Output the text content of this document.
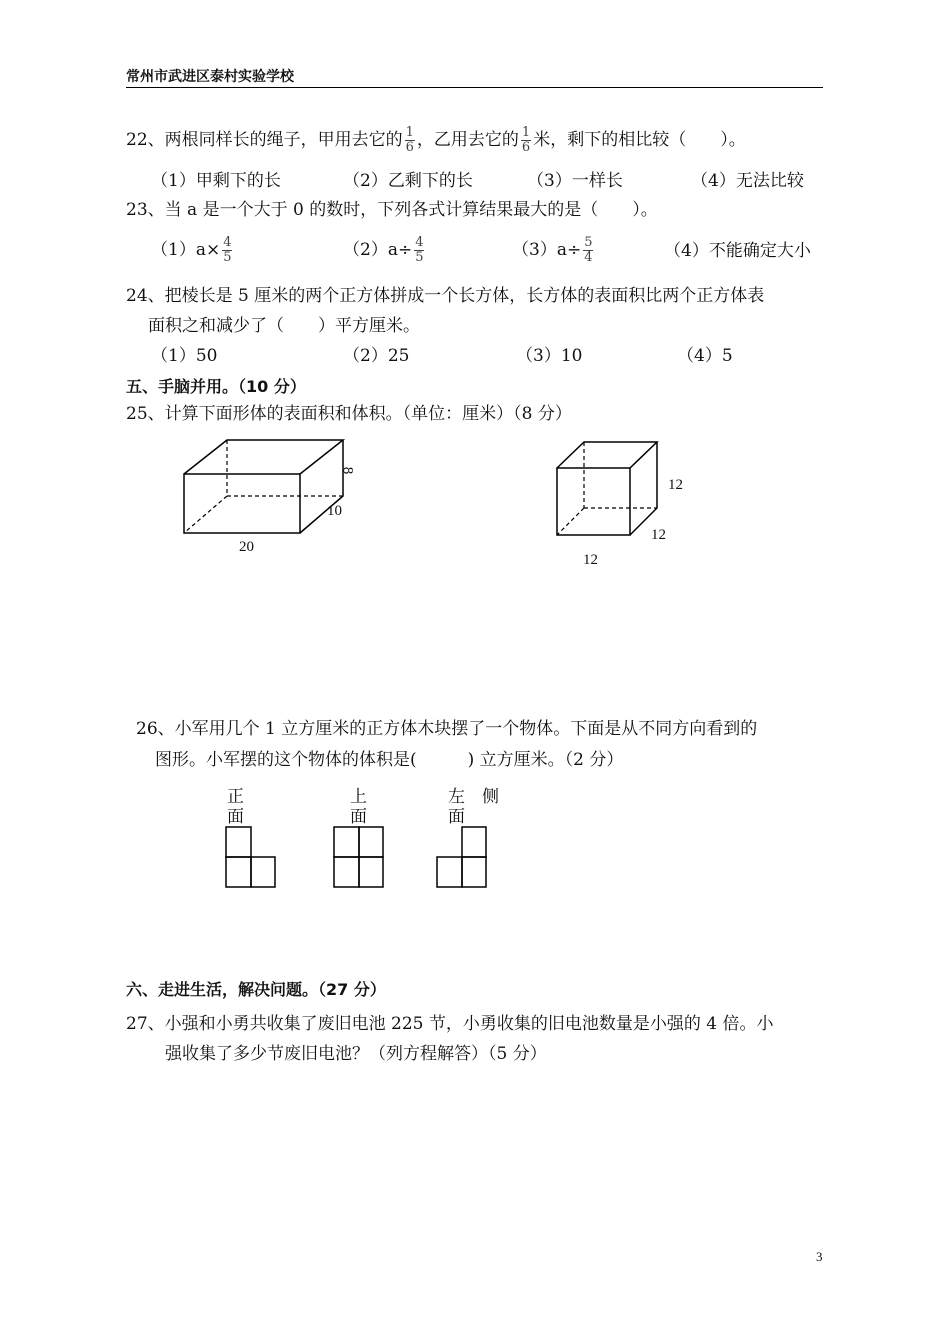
常州市武进区泰村实验学校
22、两根同样长的绳子，甲用去它的 $\frac{1}{6}$ ，乙用去它的 $\frac{1}{6}$ 米，剩下的相比较（　　）。
（1）甲剩下的长	（2）乙剩下的长	（3）一样长	（4）无法比较
23、当 a 是一个大于 0 的数时，下列各式计算结果最大的是（　　）。
$(1)a\times \frac{4}{5}$	$(2)a\div \frac{4}{5}$	$(3)a\div \frac{5}{4}$	（4）不能确定大小
24、把棱长是 5 厘米的两个正方体拼成一个长方体，长方体的表面积比两个正方体表
面积之和减少了（　　）平方厘米。
（1）50	（2）25	（3）10	（4）5
五、手脑并用。（10 分）
25、计算下面形体的表面积和体积。（单位：厘米）（8 分）
8
10
20
12
12
12
26、小军用几个 1 立方厘米的正方体木块摆了一个物体。下面是从不同方向看到的
图形。小军摆的这个物体的体积是(　　　) 立方厘米。（2 分）
正
面
上
面
左　侧
面
六、走进生活，解决问题。（27 分）
27、小强和小勇共收集了废旧电池 225 节，小勇收集的旧电池数量是小强的 4 倍。小
强收集了多少节废旧电池？（列方程解答）（5 分）
3
